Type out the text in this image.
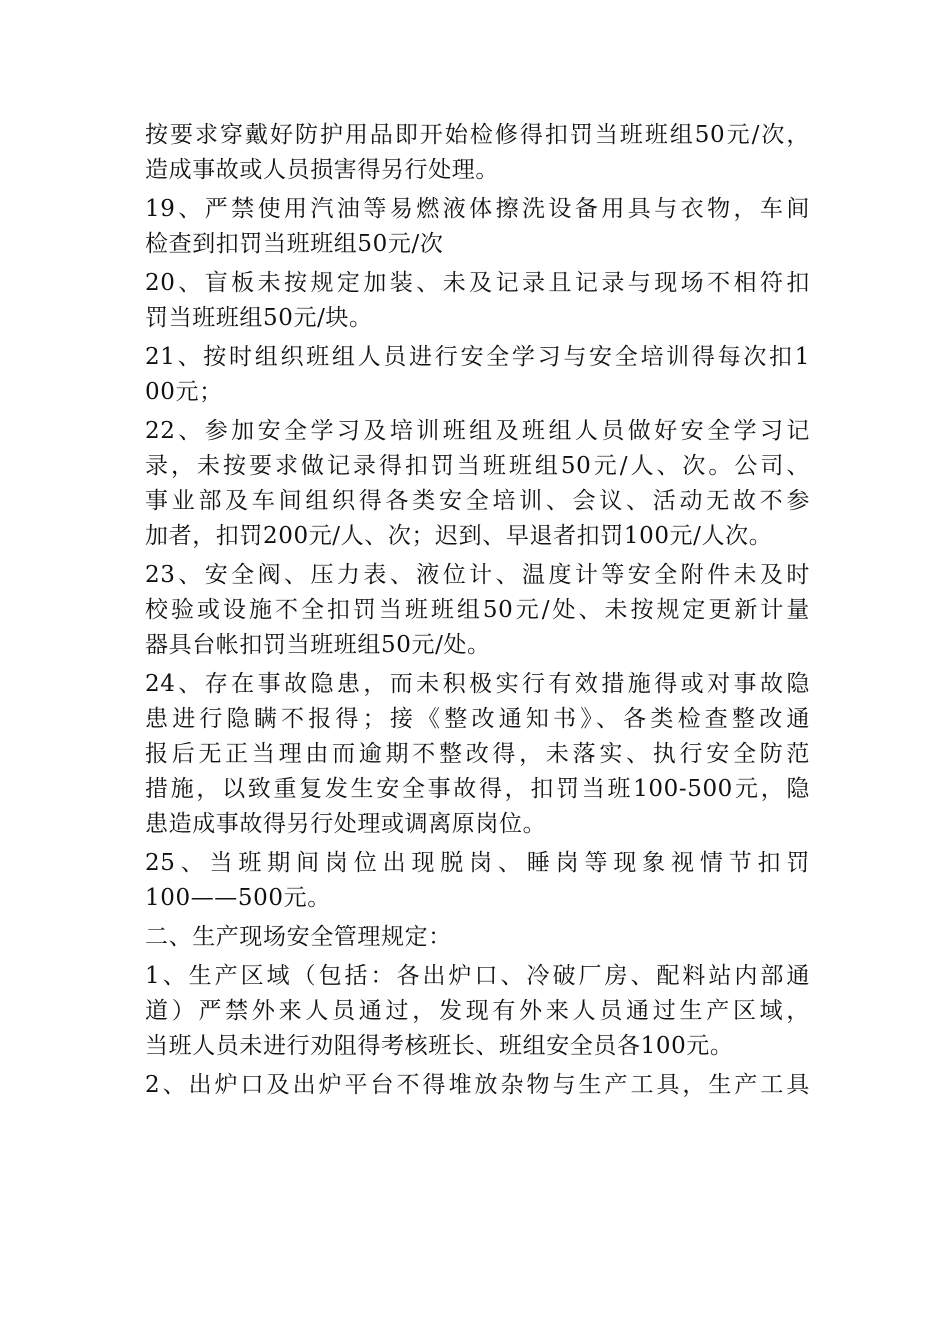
按要求穿戴好防护用品即开始检修得扣罚当班班组50元/次，
造成事故或人员损害得另行处理。
19、严禁使用汽油等易燃液体擦洗设备用具与衣物，车间
检查到扣罚当班班组50元/次
20、盲板未按规定加装、未及记录且记录与现场不相符扣
罚当班班组50元/块。
21、按时组织班组人员进行安全学习与安全培训得每次扣1
00元；
22、参加安全学习及培训班组及班组人员做好安全学习记
录，未按要求做记录得扣罚当班班组50元/人、次。公司、
事业部及车间组织得各类安全培训、会议、活动无故不参
加者，扣罚200元/人、次；迟到、早退者扣罚100元/人次。
23、安全阀、压力表、液位计、温度计等安全附件未及时
校验或设施不全扣罚当班班组50元/处、未按规定更新计量
器具台帐扣罚当班班组50元/处。
24、存在事故隐患，而未积极实行有效措施得或对事故隐
患进行隐瞒不报得；接《整改通知书》、各类检查整改通
报后无正当理由而逾期不整改得，未落实、执行安全防范
措施，以致重复发生安全事故得，扣罚当班100-500元，隐
患造成事故得另行处理或调离原岗位。
25、当班期间岗位出现脱岗、睡岗等现象视情节扣罚
100——500元。
二、生产现场安全管理规定：
1、生产区域（包括：各出炉口、冷破厂房、配料站内部通
道）严禁外来人员通过，发现有外来人员通过生产区域，
当班人员未进行劝阻得考核班长、班组安全员各100元。
2、出炉口及出炉平台不得堆放杂物与生产工具，生产工具
